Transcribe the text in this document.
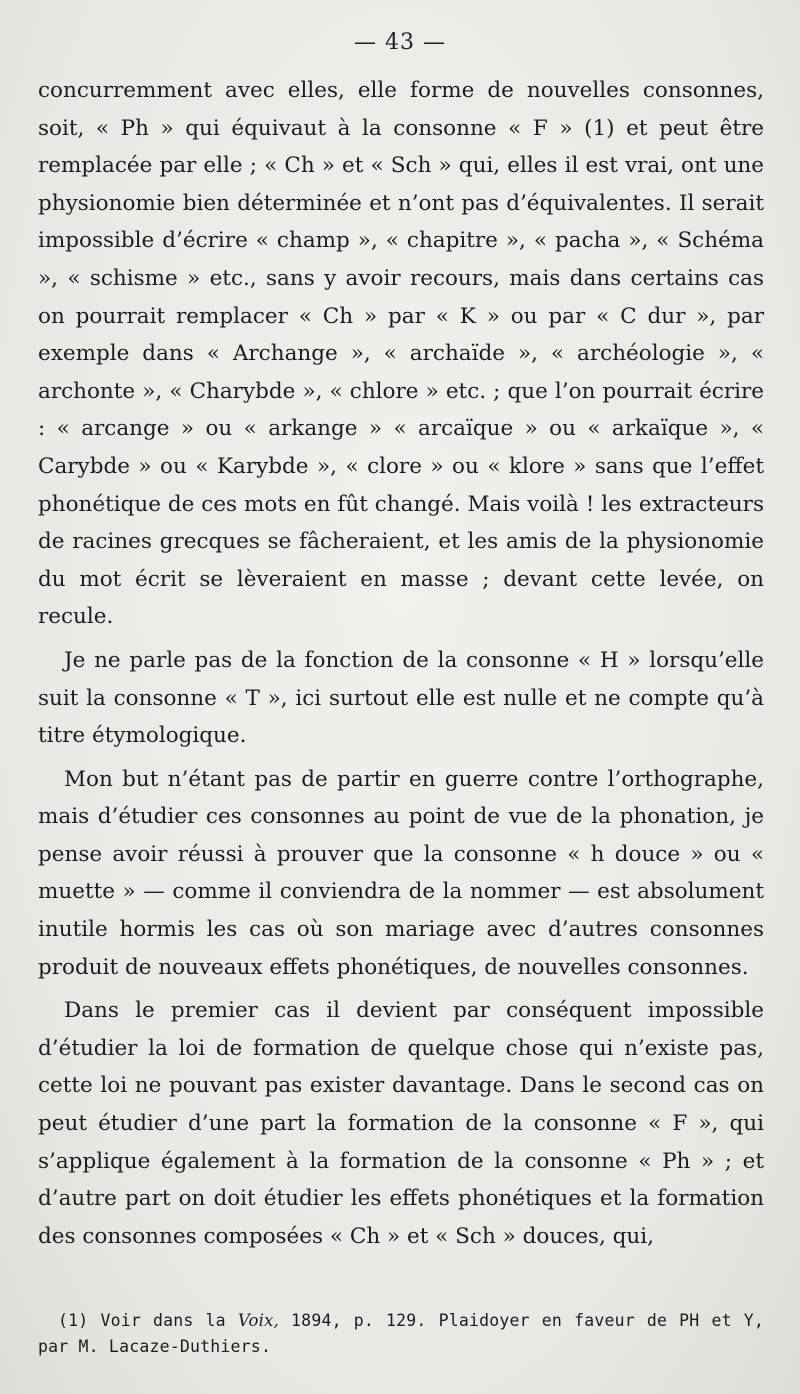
— 43 —

concurremment avec elles, elle forme de nouvelles consonnes, soit, « Ph » qui équivaut à la consonne « F » (1) et peut être remplacée par elle ; « Ch » et « Sch » qui, elles il est vrai, ont une physionomie bien déterminée et n’ont pas d’équivalentes. Il serait impossible d’écrire « champ », « chapitre », « pacha », « Schéma », « schisme » etc., sans y avoir recours, mais dans certains cas on pourrait remplacer « Ch » par « K » ou par « C dur », par exemple dans « Archange », « archaïde », « archéologie », « archonte », « Charybde », « chlore » etc. ; que l’on pourrait écrire : « arcange » ou « arkange » « arcaïque » ou « arkaïque », « Carybde » ou « Karybde », « clore » ou « klore » sans que l’effet phonétique de ces mots en fût changé. Mais voilà ! les extracteurs de racines grecques se fâcheraient, et les amis de la physionomie du mot écrit se lèveraient en masse ; devant cette levée, on recule.

Je ne parle pas de la fonction de la consonne « H » lorsqu’elle suit la consonne « T », ici surtout elle est nulle et ne compte qu’à titre étymologique.

Mon but n’étant pas de partir en guerre contre l’orthographe, mais d’étudier ces consonnes au point de vue de la phonation, je pense avoir réussi à prouver que la consonne « h douce » ou « muette » — comme il conviendra de la nommer — est absolument inutile hormis les cas où son mariage avec d’autres consonnes produit de nouveaux effets phonétiques, de nouvelles consonnes.

Dans le premier cas il devient par conséquent impossible d’étudier la loi de formation de quelque chose qui n’existe pas, cette loi ne pouvant pas exister davantage. Dans le second cas on peut étudier d’une part la formation de la consonne « F », qui s’applique également à la formation de la consonne « Ph » ; et d’autre part on doit étudier les effets phonétiques et la formation des consonnes composées « Ch » et « Sch » douces, qui,

(1) Voir dans la Voix, 1894, p. 129. Plaidoyer en faveur de PH et Y, par M. Lacaze-Duthiers.
